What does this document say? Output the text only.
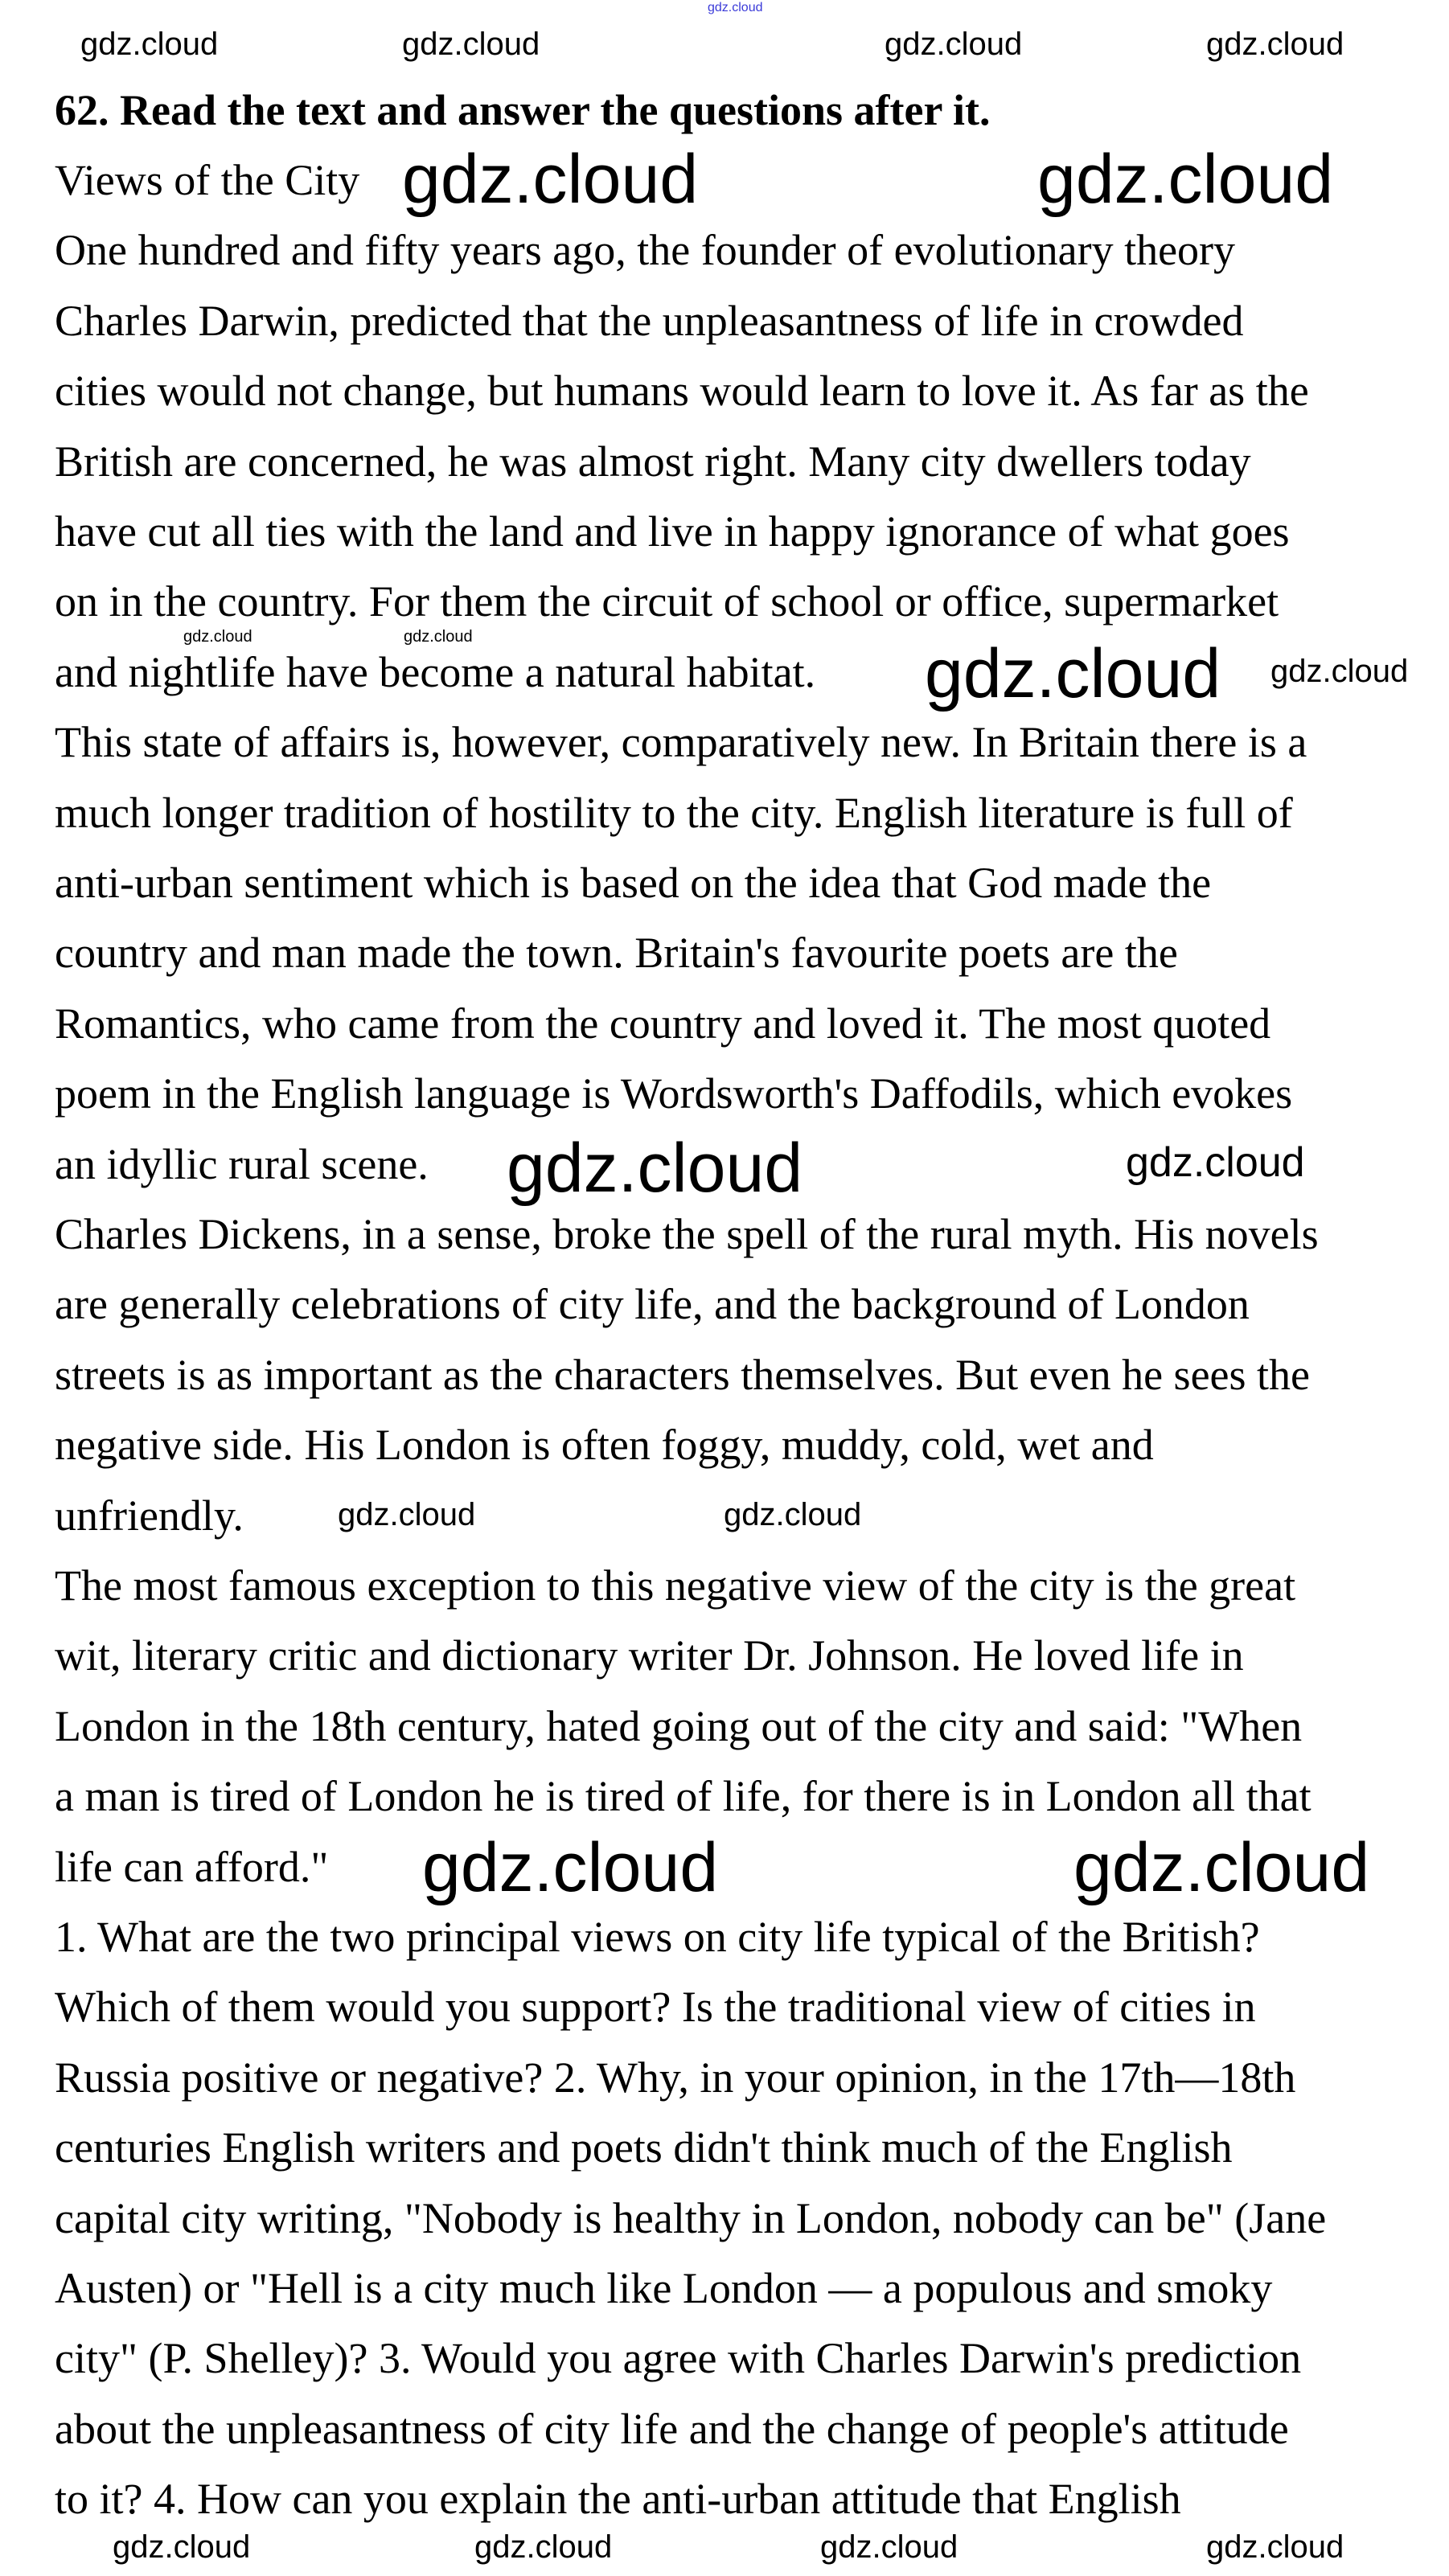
gdz.cloud
62. Read the text and answer the questions after it.
Views of the City
One hundred and fifty years ago, the founder of evolutionary theory
Charles Darwin, predicted that the unpleasantness of life in crowded
cities would not change, but humans would learn to love it. As far as the
British are concerned, he was almost right. Many city dwellers today
have cut all ties with the land and live in happy ignorance of what goes
on in the country. For them the circuit of school or office, supermarket
and nightlife have become a natural habitat.
This state of affairs is, however, comparatively new. In Britain there is a
much longer tradition of hostility to the city. English literature is full of
anti-urban sentiment which is based on the idea that God made the
country and man made the town. Britain's favourite poets are the
Romantics, who came from the country and loved it. The most quoted
poem in the English language is Wordsworth's Daffodils, which evokes
an idyllic rural scene.
Charles Dickens, in a sense, broke the spell of the rural myth. His novels
are generally celebrations of city life, and the background of London
streets is as important as the characters themselves. But even he sees the
negative side. His London is often foggy, muddy, cold, wet and
unfriendly.
The most famous exception to this negative view of the city is the great
wit, literary critic and dictionary writer Dr. Johnson. He loved life in
London in the 18th century, hated going out of the city and said: "When
a man is tired of London he is tired of life, for there is in London all that
life can afford."
1. What are the two principal views on city life typical of the British?
Which of them would you support? Is the traditional view of cities in
Russia positive or negative? 2. Why, in your opinion, in the 17th—18th
centuries English writers and poets didn't think much of the English
capital city writing, "Nobody is healthy in London, nobody can be" (Jane
Austen) or "Hell is a city much like London — a populous and smoky
city" (P. Shelley)? 3. Would you agree with Charles Darwin's prediction
about the unpleasantness of city life and the change of people's attitude
to it? 4. How can you explain the anti-urban attitude that English
gdz.cloud	gdz.cloud	gdz.cloud	gdz.cloud
gdz.cloud	gdz.cloud
gdz.cloud	gdz.cloud	gdz.cloud gdz.cloud
gdz.cloud	gdz.cloud
gdz.cloud	gdz.cloud
gdz.cloud	gdz.cloud
gdz.cloud	gdz.cloud	gdz.cloud	gdz.cloud
